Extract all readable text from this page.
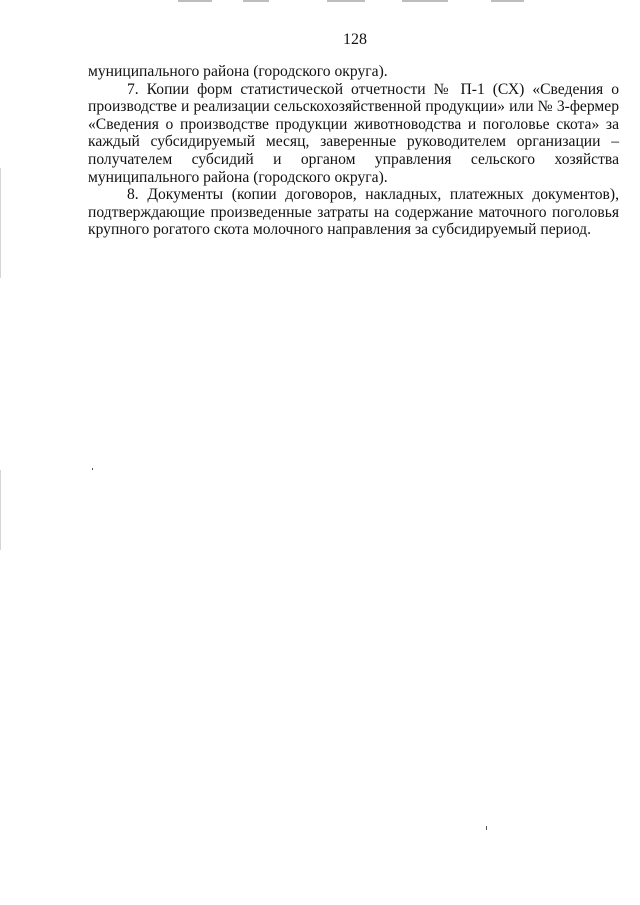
128

муниципального района (городского округа).

7. Копии форм статистической отчетности № П-1 (СХ) «Сведения о производстве и реализации сельскохозяйственной продукции» или № 3-фермер «Сведения о производстве продукции животноводства и поголовье скота» за каждый субсидируемый месяц, заверенные руководителем организации – получателем субсидий и органом управления сельского хозяйства муниципального района (городского округа).

8. Документы (копии договоров, накладных, платежных документов), подтверждающие произведенные затраты на содержание маточного поголовья крупного рогатого скота молочного направления за субсидируемый период.
